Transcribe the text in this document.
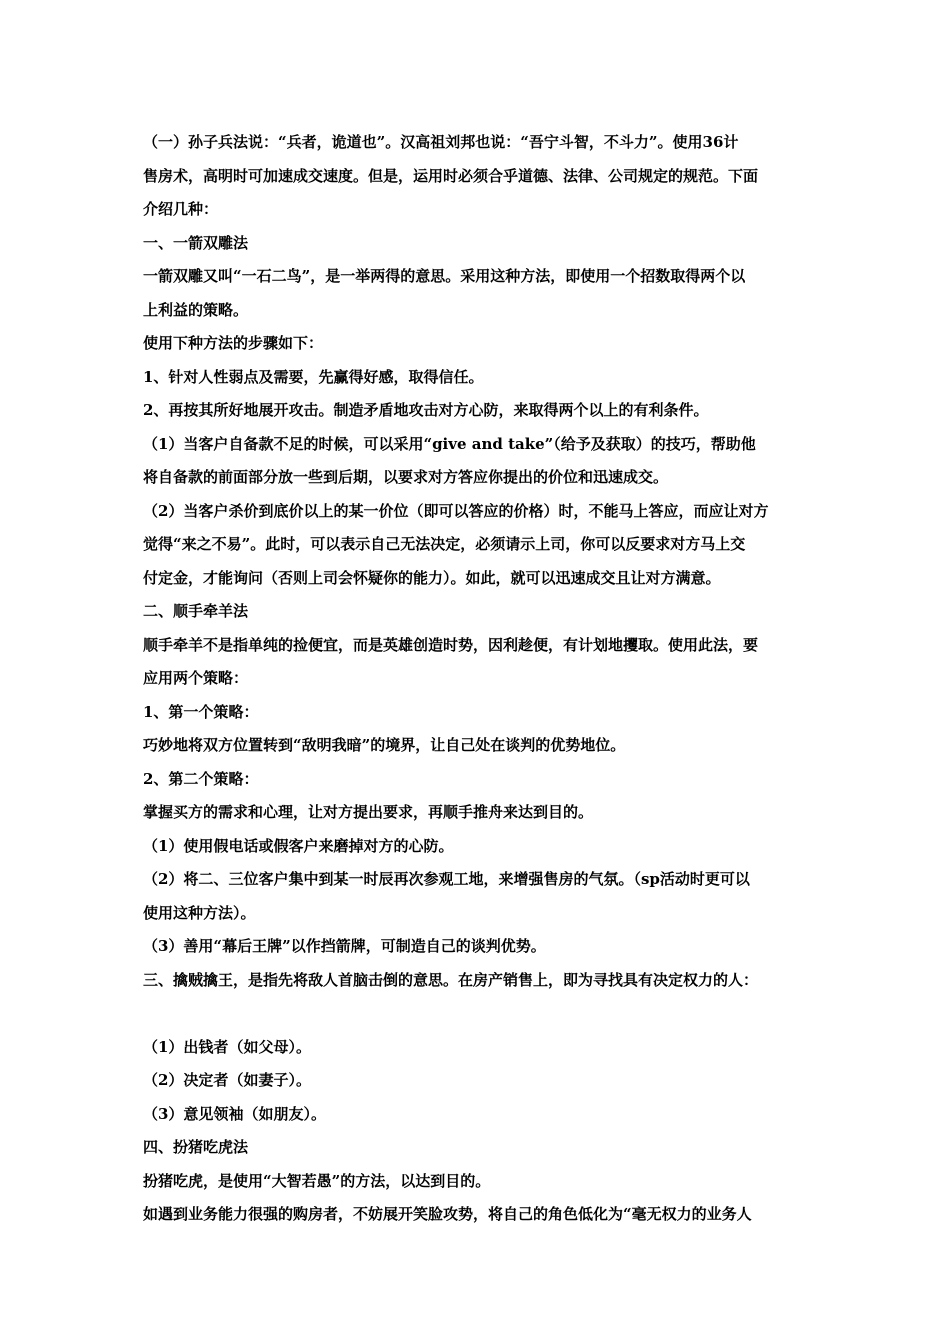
（一）孙子兵法说：“兵者，诡道也”。汉高祖刘邦也说：“吾宁斗智，不斗力”。使用36计

售房术，高明时可加速成交速度。但是，运用时必须合乎道德、法律、公司规定的规范。下面

介绍几种：

一、一箭双雕法

一箭双雕又叫“一石二鸟”，是一举两得的意思。采用这种方法，即使用一个招数取得两个以

上利益的策略。

使用下种方法的步骤如下：

1、针对人性弱点及需要，先赢得好感，取得信任。

2、再按其所好地展开攻击。制造矛盾地攻击对方心防，来取得两个以上的有利条件。

（1）当客户自备款不足的时候，可以采用“give and take”（给予及获取）的技巧，帮助他

将自备款的前面部分放一些到后期，以要求对方答应你提出的价位和迅速成交。

（2）当客户杀价到底价以上的某一价位（即可以答应的价格）时，不能马上答应，而应让对方

觉得“来之不易”。此时，可以表示自己无法决定，必须请示上司，你可以反要求对方马上交

付定金，才能询问（否则上司会怀疑你的能力）。如此，就可以迅速成交且让对方满意。

二、顺手牵羊法

顺手牵羊不是指单纯的捡便宜，而是英雄创造时势，因利趁便，有计划地攫取。使用此法，要

应用两个策略：

1、第一个策略：

巧妙地将双方位置转到“敌明我暗”的境界，让自己处在谈判的优势地位。

2、第二个策略：

掌握买方的需求和心理，让对方提出要求，再顺手推舟来达到目的。

（1）使用假电话或假客户来磨掉对方的心防。

（2）将二、三位客户集中到某一时辰再次参观工地，来增强售房的气氛。（sp活动时更可以

使用这种方法）。

（3）善用“幕后王牌”以作挡箭牌，可制造自己的谈判优势。

三、擒贼擒王，是指先将敌人首脑击倒的意思。在房产销售上，即为寻找具有决定权力的人：

（1）出钱者（如父母）。

（2）决定者（如妻子）。

（3）意见领袖（如朋友）。

四、扮猪吃虎法

扮猪吃虎，是使用“大智若愚”的方法，以达到目的。

如遇到业务能力很强的购房者，不妨展开笑脸攻势，将自己的角色低化为“毫无权力的业务人
